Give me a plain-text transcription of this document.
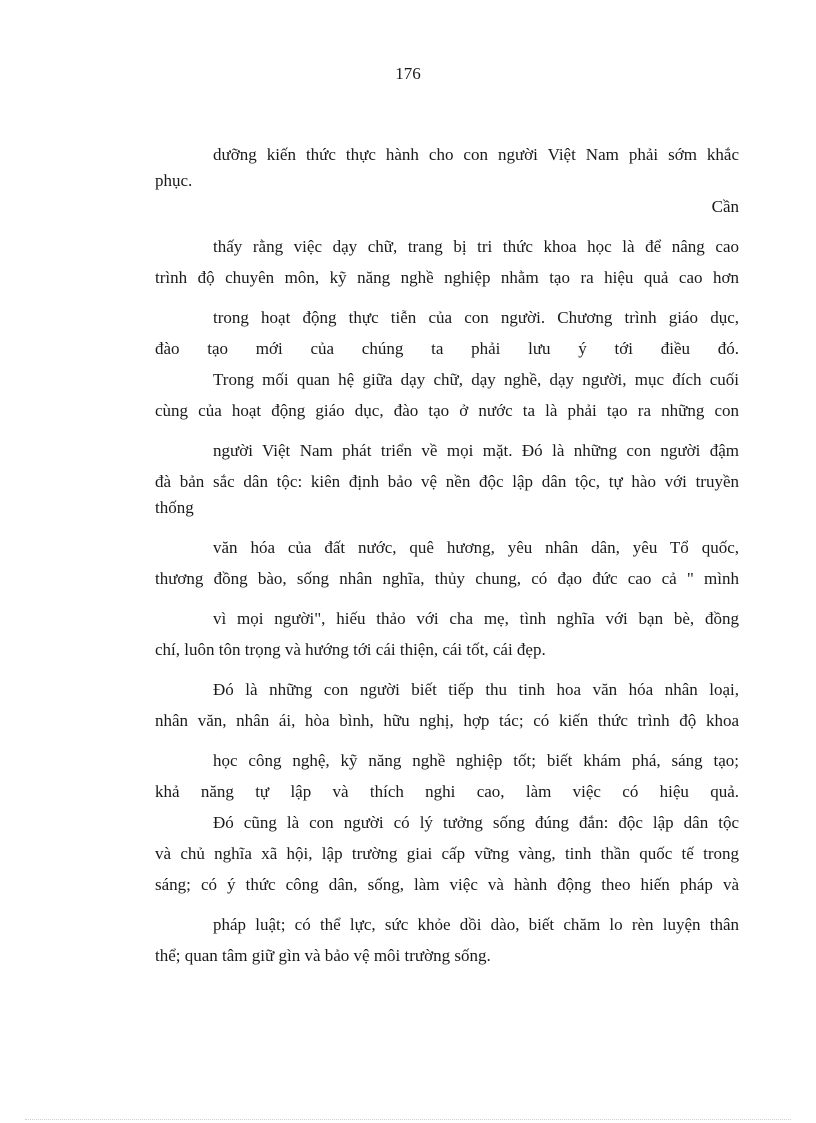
176
dưỡng kiến thức thực hành cho con người Việt Nam phải sớm khắc
phục.
Cần
thấy rằng việc dạy chữ, trang bị tri thức khoa học là để nâng cao
trình độ chuyên môn, kỹ năng nghề nghiệp nhằm tạo ra hiệu quả cao hơn
trong hoạt động thực tiễn của con người. Chương trình giáo dục,
đào tạo mới của chúng ta phải lưu ý tới điều đó.
Trong mối quan hệ giữa dạy chữ, dạy nghề, dạy người, mục đích cuối
cùng của hoạt động giáo dục, đào tạo ở nước ta là phải tạo ra những con
người Việt Nam phát triển về mọi mặt. Đó là những con người đậm
đà bản sắc dân tộc: kiên định bảo vệ nền độc lập dân tộc, tự hào với truyền
thống
văn hóa của đất nước, quê hương, yêu nhân dân, yêu Tổ quốc,
thương đồng bào, sống nhân nghĩa, thủy chung, có đạo đức cao cả " mình
vì mọi người", hiếu thảo với cha mẹ, tình nghĩa với bạn bè, đồng
chí, luôn tôn trọng và hướng tới cái thiện, cái tốt, cái đẹp.
Đó là những con người biết tiếp thu tinh hoa văn hóa nhân loại,
nhân văn, nhân ái, hòa bình, hữu nghị, hợp tác; có kiến thức trình độ khoa
học công nghệ, kỹ năng nghề nghiệp tốt; biết khám phá, sáng tạo;
khả năng tự lập và thích nghi cao, làm việc có hiệu quả.
Đó cũng là con người có lý tưởng sống đúng đắn: độc lập dân tộc
và chủ nghĩa xã hội, lập trường giai cấp vững vàng, tinh thần quốc tế trong
sáng; có ý thức công dân, sống, làm việc và hành động theo hiến pháp và
pháp luật; có thể lực, sức khỏe dồi dào, biết chăm lo rèn luyện thân
thể; quan tâm giữ gìn và bảo vệ môi trường sống.
